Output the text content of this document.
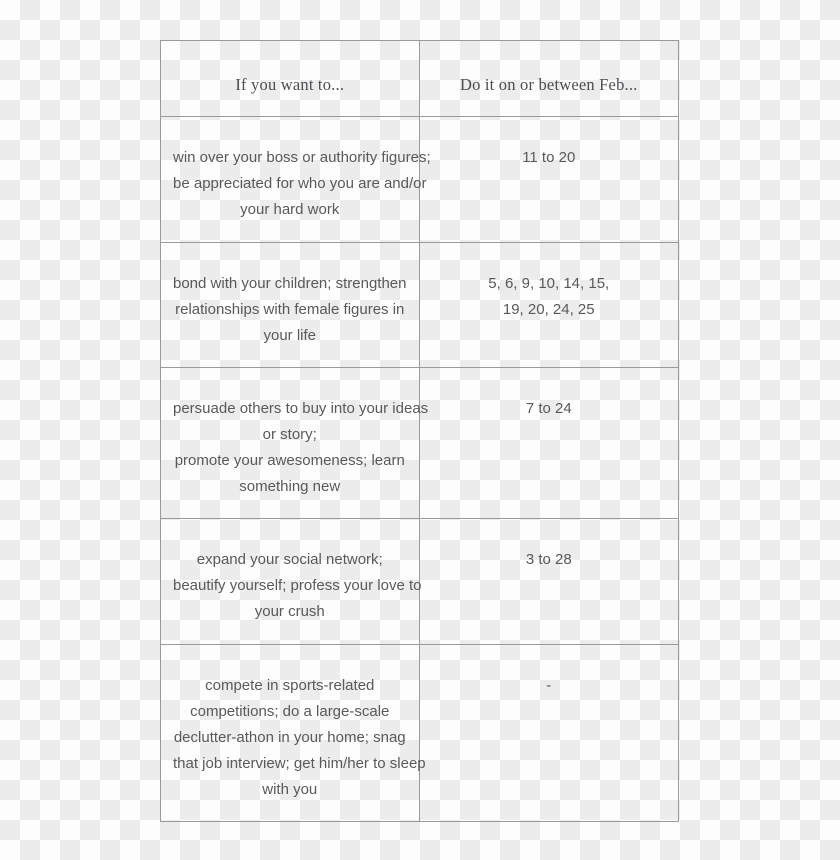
If you want to...	Do it on or between Feb...
win over your boss or authority figures;
be appreciated for who you are and/or
your hard work
11 to 20
bond with your children; strengthen
relationships with female figures in
your life
5, 6, 9, 10, 14, 15,
19, 20, 24, 25
persuade others to buy into your ideas
or story;
promote your awesomeness; learn
something new
7 to 24
expand your social network;
beautify yourself; profess your love to
your crush
3 to 28
compete in sports-related
competitions; do a large-scale
declutter-athon in your home; snag
that job interview; get him/her to sleep
with you
-
